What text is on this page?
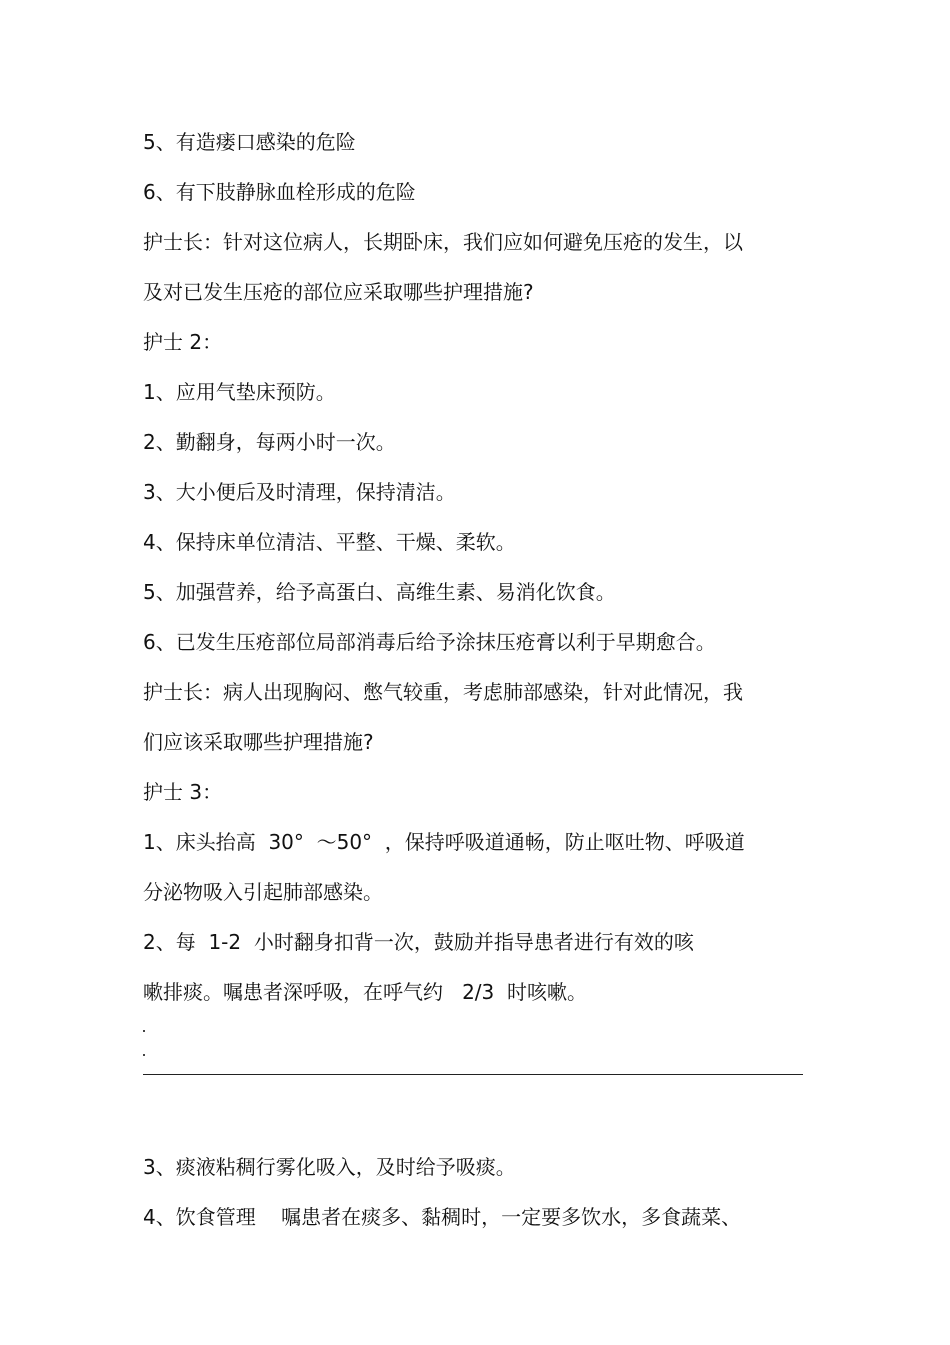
5、有造瘘口感染的危险

6、有下肢静脉血栓形成的危险

护士长：针对这位病人，长期卧床，我们应如何避免压疮的发生，以

及对已发生压疮的部位应采取哪些护理措施?

护士 2：

1、应用气垫床预防。

2、勤翻身，每两小时一次。

3、大小便后及时清理，保持清洁。

4、保持床单位清洁、平整、干燥、柔软。

5、加强营养，给予高蛋白、高维生素、易消化饮食。

6、已发生压疮部位局部消毒后给予涂抹压疮膏以利于早期愈合。

护士长：病人出现胸闷、憋气较重，考虑肺部感染，针对此情况，我

们应该采取哪些护理措施?

护士 3：

1、床头抬高  30°  ～50°  ，保持呼吸道通畅，防止呕吐物、呼吸道

分泌物吸入引起肺部感染。

2、每  1-2  小时翻身扣背一次，鼓励并指导患者进行有效的咳

嗽排痰。嘱患者深呼吸，在呼气约   2/3  时咳嗽。

3、痰液粘稠行雾化吸入，及时给予吸痰。

4、饮食管理    嘱患者在痰多、黏稠时，一定要多饮水，多食蔬菜、
